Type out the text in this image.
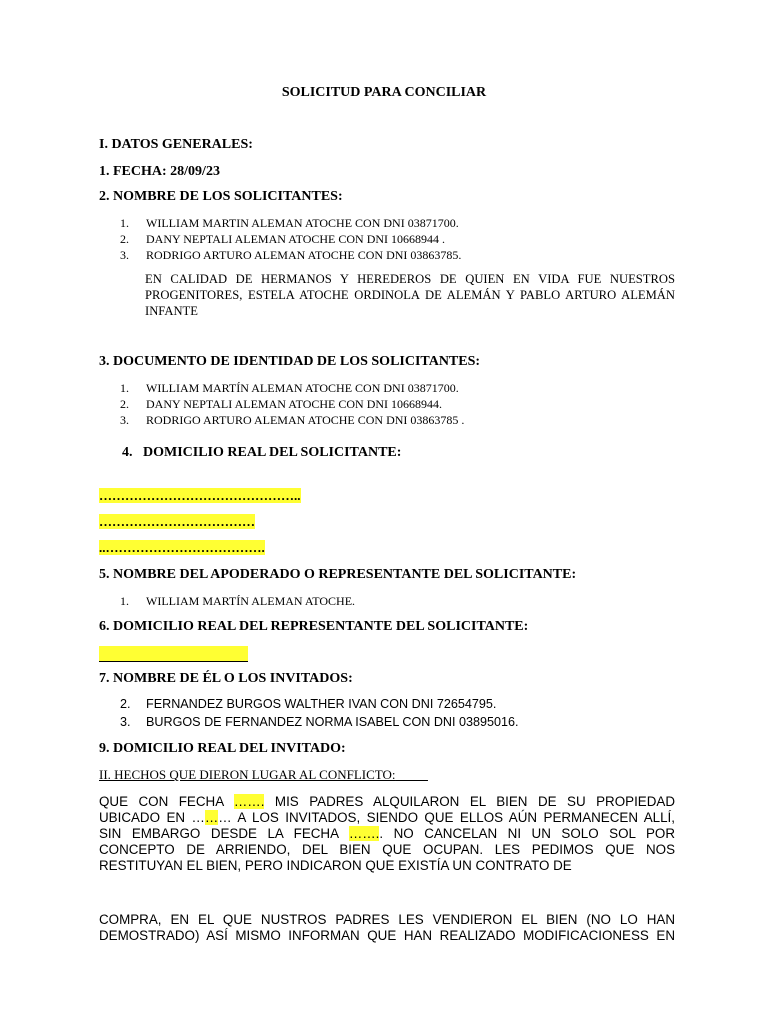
SOLICITUD PARA CONCILIAR
I. DATOS GENERALES:
1. FECHA: 28/09/23
2. NOMBRE DE LOS SOLICITANTES:
1. WILLIAM MARTIN ALEMAN ATOCHE CON DNI 03871700.
2. DANY NEPTALI ALEMAN ATOCHE CON DNI 10668944 .
3. RODRIGO ARTURO ALEMAN ATOCHE CON DNI 03863785.
EN CALIDAD DE HERMANOS Y HEREDEROS DE QUIEN EN VIDA FUE NUESTROS PROGENITORES, ESTELA ATOCHE ORDINOLA DE ALEMÁN Y PABLO ARTURO ALEMÁN INFANTE
3. DOCUMENTO DE IDENTIDAD DE LOS SOLICITANTES:
1. WILLIAM MARTÍN ALEMAN ATOCHE CON DNI 03871700.
2. DANY NEPTALI ALEMAN ATOCHE CON DNI 10668944.
3. RODRIGO ARTURO ALEMAN ATOCHE CON DNI 03863785 .
4.   DOMICILIO REAL DEL SOLICITANTE:
………………………………………..
………………………………
..……………………………….
5. NOMBRE DEL APODERADO O REPRESENTANTE DEL SOLICITANTE:
1. WILLIAM MARTÍN ALEMAN ATOCHE.
6. DOMICILIO REAL DEL REPRESENTANTE DEL SOLICITANTE:
7. NOMBRE DE ÉL O LOS INVITADOS:
2. FERNANDEZ BURGOS WALTHER IVAN CON DNI 72654795.
3. BURGOS DE FERNANDEZ NORMA ISABEL CON DNI 03895016.
9. DOMICILIO REAL DEL INVITADO:
II. HECHOS QUE DIERON LUGAR AL CONFLICTO:
QUE CON FECHA ……. MIS PADRES ALQUILARON EL BIEN DE SU PROPIEDAD
UBICADO EN ……… A LOS INVITADOS, SIENDO QUE ELLOS AÚN PERMANECEN ALLÍ,
SIN EMBARGO DESDE LA FECHA …….. NO CANCELAN NI UN SOLO SOL POR
CONCEPTO DE ARRIENDO, DEL BIEN QUE OCUPAN. LES PEDIMOS QUE NOS
RESTITUYAN EL BIEN, PERO INDICARON QUE EXISTÍA UN CONTRATO DE
COMPRA, EN EL QUE NUSTROS PADRES LES VENDIERON EL BIEN (NO LO HAN
DEMOSTRADO) ASÍ MISMO INFORMAN QUE HAN REALIZADO MODIFICACIONESS EN
